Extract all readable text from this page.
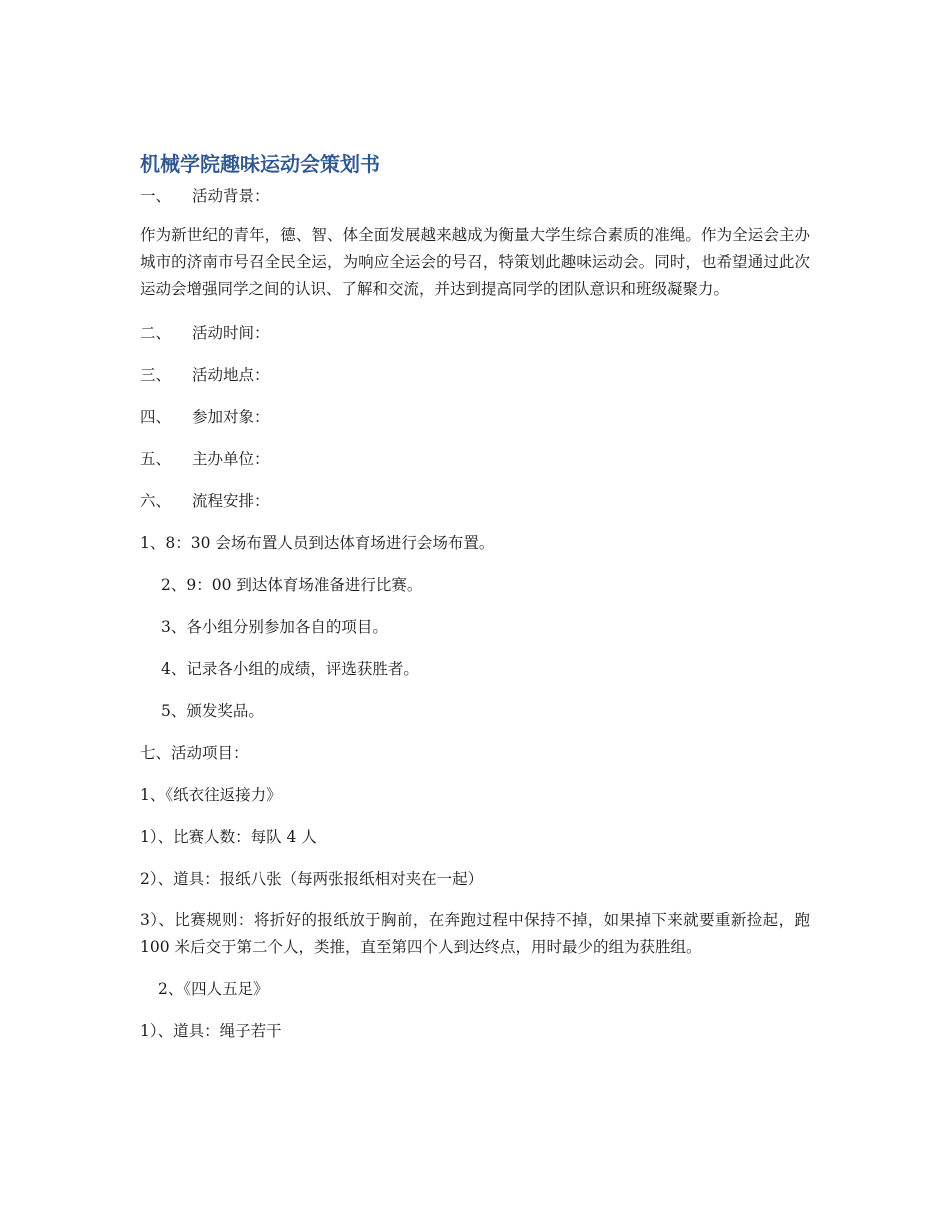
机械学院趣味运动会策划书
一、 活动背景：

作为新世纪的青年，德、智、体全面发展越来越成为衡量大学生综合素质的准绳。作为全运会主办城市的济南市号召全民全运，为响应全运会的号召，特策划此趣味运动会。同时，也希望通过此次运动会增强同学之间的认识、了解和交流，并达到提高同学的团队意识和班级凝聚力。

二、 活动时间：
三、 活动地点：
四、 参加对象：
五、 主办单位：
六、 流程安排：
1、8：30 会场布置人员到达体育场进行会场布置。
2、9：00 到达体育场准备进行比赛。
3、各小组分别参加各自的项目。
4、记录各小组的成绩，评选获胜者。
5、颁发奖品。
七、活动项目：
1、《纸衣往返接力》
1）、比赛人数：每队 4 人
2）、道具：报纸八张（每两张报纸相对夹在一起）

3）、比赛规则：将折好的报纸放于胸前，在奔跑过程中保持不掉，如果掉下来就要重新捡起，跑 100 米后交于第二个人，类推，直至第四个人到达终点，用时最少的组为获胜组。

2、《四人五足》
1）、道具：绳子若干
